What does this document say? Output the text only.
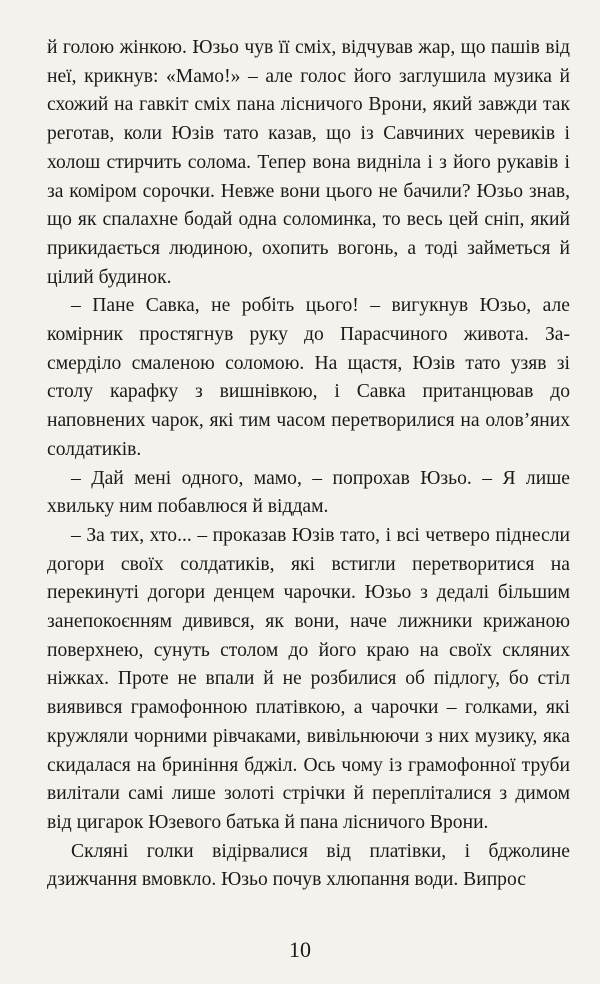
й голою жінкою. Юзьо чув її сміх, відчував жар, що пашів від неї, крикнув: «Мамо!» – але голос його заглушила музика й схожий на гавкіт сміх пана лісничого Врони, який завжди так реготав, коли Юзів тато казав, що із Савчиних черевиків і холош стирчить солома. Тепер вона видніла і з його рукавів і за коміром сорочки. Невже вони цього не бачили? Юзьо знав, що як спалахне бодай одна соломинка, то весь цей сніп, який прикидається людиною, охопить вогонь, а тоді займеться й цілий будинок.

– Пане Савка, не робіть цього! – вигукнув Юзьо, але комірник простягнув руку до Парасчиного живота. Засмерділо смаленою соломою. На щастя, Юзів тато узяв зі столу карафку з вишнівкою, і Савка пританцював до наповнених чарок, які тим часом перетворилися на олов’яних солдатиків.

– Дай мені одного, мамо, – попрохав Юзьо. – Я лише хвильку ним побавлюся й віддам.

– За тих, хто... – проказав Юзів тато, і всі четверо піднесли догори своїх солдатиків, які встигли перетворитися на перекинуті догори денцем чарочки. Юзьо з дедалі більшим занепокоєнням дивився, як вони, наче лижники крижаною поверхнею, сунуть столом до його краю на своїх скляних ніжках. Проте не впали й не розбилися об підлогу, бо стіл виявився грамофонною платівкою, а чарочки – голками, які кружляли чорними рівчаками, вивільнюючи з них музику, яка скидалася на бриніння бджіл. Ось чому із грамофонної труби вилітали самі лише золоті стрічки й перепліталися з димом від цигарок Юзевого батька й пана лісничого Врони.

Скляні голки відірвалися від платівки, і бджолине дзижчання вмовкло. Юзьо почув хлюпання води. Випрос

10
